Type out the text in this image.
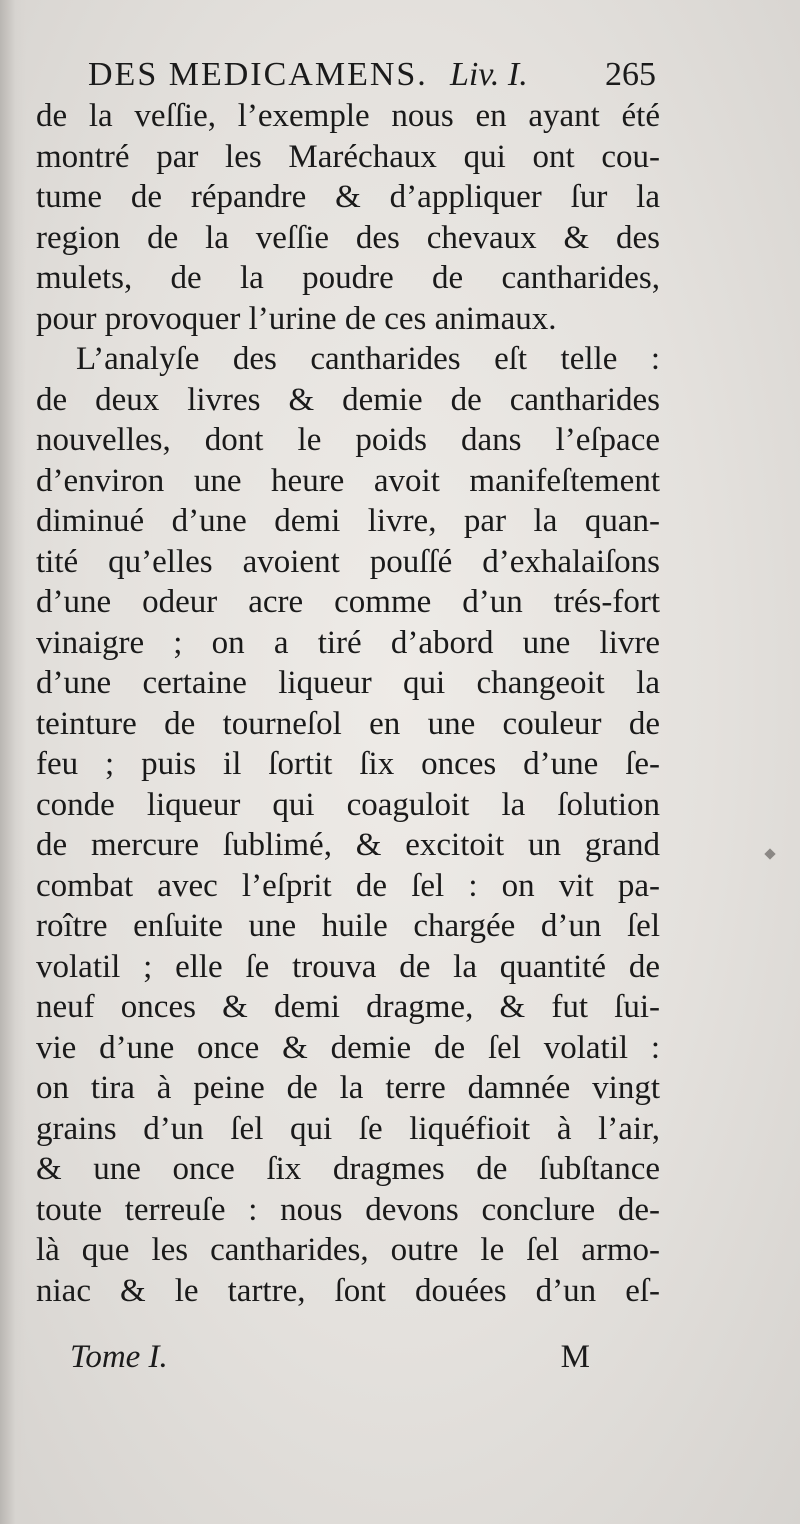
DES MEDICAMENS. Liv. I. 265
de la veſſie, l’exemple nous en ayant été
montré par les Maréchaux qui ont cou-
tume de répandre & d’appliquer ſur la
region de la veſſie des chevaux & des
mulets, de la poudre de cantharides,
pour provoquer l’urine de ces animaux.
L’analyſe des cantharides eſt telle :
de deux livres & demie de cantharides
nouvelles, dont le poids dans l’eſpace
d’environ une heure avoit manifeſtement
diminué d’une demi livre, par la quan-
tité qu’elles avoient pouſſé d’exhalaiſons
d’une odeur acre comme d’un trés-fort
vinaigre ; on a tiré d’abord une livre
d’une certaine liqueur qui changeoit la
teinture de tourneſol en une couleur de
feu ; puis il ſortit ſix onces d’une ſe-
conde liqueur qui coaguloit la ſolution
de mercure ſublimé, & excitoit un grand
combat avec l’eſprit de ſel : on vit pa-
roître enſuite une huile chargée d’un ſel
volatil ; elle ſe trouva de la quantité de
neuf onces & demi dragme, & fut ſui-
vie d’une once & demie de ſel volatil :
on tira à peine de la terre damnée vingt
grains d’un ſel qui ſe liquéfioit à l’air,
& une once ſix dragmes de ſubſtance
toute terreuſe : nous devons conclure de-
là que les cantharides, outre le ſel armo-
niac & le tartre, ſont douées d’un eſ-
Tome I.	M
